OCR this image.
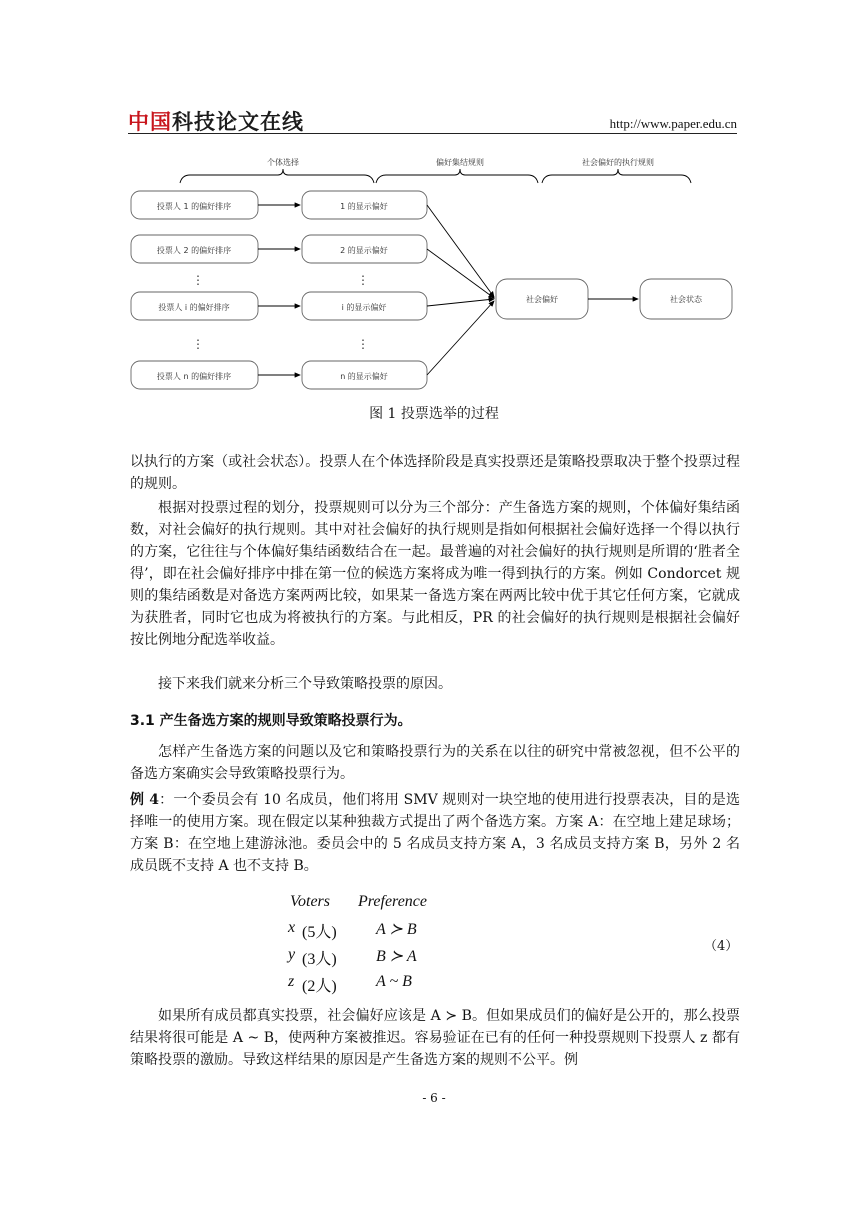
中国科技论文在线	http://www.paper.edu.cn
个体选择	偏好集结规则	社会偏好的执行规则
投票人 1 的偏好排序
投票人 2 的偏好排序
投票人 i 的偏好排序
投票人 n 的偏好排序
1 的显示偏好
2 的显示偏好
i 的显示偏好
n 的显示偏好
⋮	⋮
⋮	⋮
社会偏好	社会状态
图 1 投票选举的过程
以执行的方案（或社会状态）。投票人在个体选择阶段是真实投票还是策略投票取决于整个投票过程的规则。
根据对投票过程的划分，投票规则可以分为三个部分：产生备选方案的规则，个体偏好集结函数，对社会偏好的执行规则。其中对社会偏好的执行规则是指如何根据社会偏好选择一个得以执行的方案，它往往与个体偏好集结函数结合在一起。最普遍的对社会偏好的执行规则是所谓的‘胜者全得’，即在社会偏好排序中排在第一位的候选方案将成为唯一得到执行的方案。例如 Condorcet 规则的集结函数是对备选方案两两比较，如果某一备选方案在两两比较中优于其它任何方案，它就成为获胜者，同时它也成为将被执行的方案。与此相反，PR 的社会偏好的执行规则是根据社会偏好按比例地分配选举收益。
接下来我们就来分析三个导致策略投票的原因。
3.1 产生备选方案的规则导致策略投票行为。
怎样产生备选方案的问题以及它和策略投票行为的关系在以往的研究中常被忽视，但不公平的备选方案确实会导致策略投票行为。
例 4：一个委员会有 10 名成员，他们将用 SMV 规则对一块空地的使用进行投票表决，目的是选择唯一的使用方案。现在假定以某种独裁方式提出了两个备选方案。方案 A：在空地上建足球场；方案 B：在空地上建游泳池。委员会中的 5 名成员支持方案 A，3 名成员支持方案 B，另外 2 名成员既不支持 A 也不支持 B。
Voters Preference
x (5人) A ≻ B
y (3人) B ≻ A
z (2人) A ~ B
（4）
如果所有成员都真实投票，社会偏好应该是 A ≻ B。但如果成员们的偏好是公开的，那么投票结果将很可能是 A ~ B，使两种方案被推迟。容易验证在已有的任何一种投票规则下投票人 z 都有策略投票的激励。导致这样结果的原因是产生备选方案的规则不公平。例
- 6 -
